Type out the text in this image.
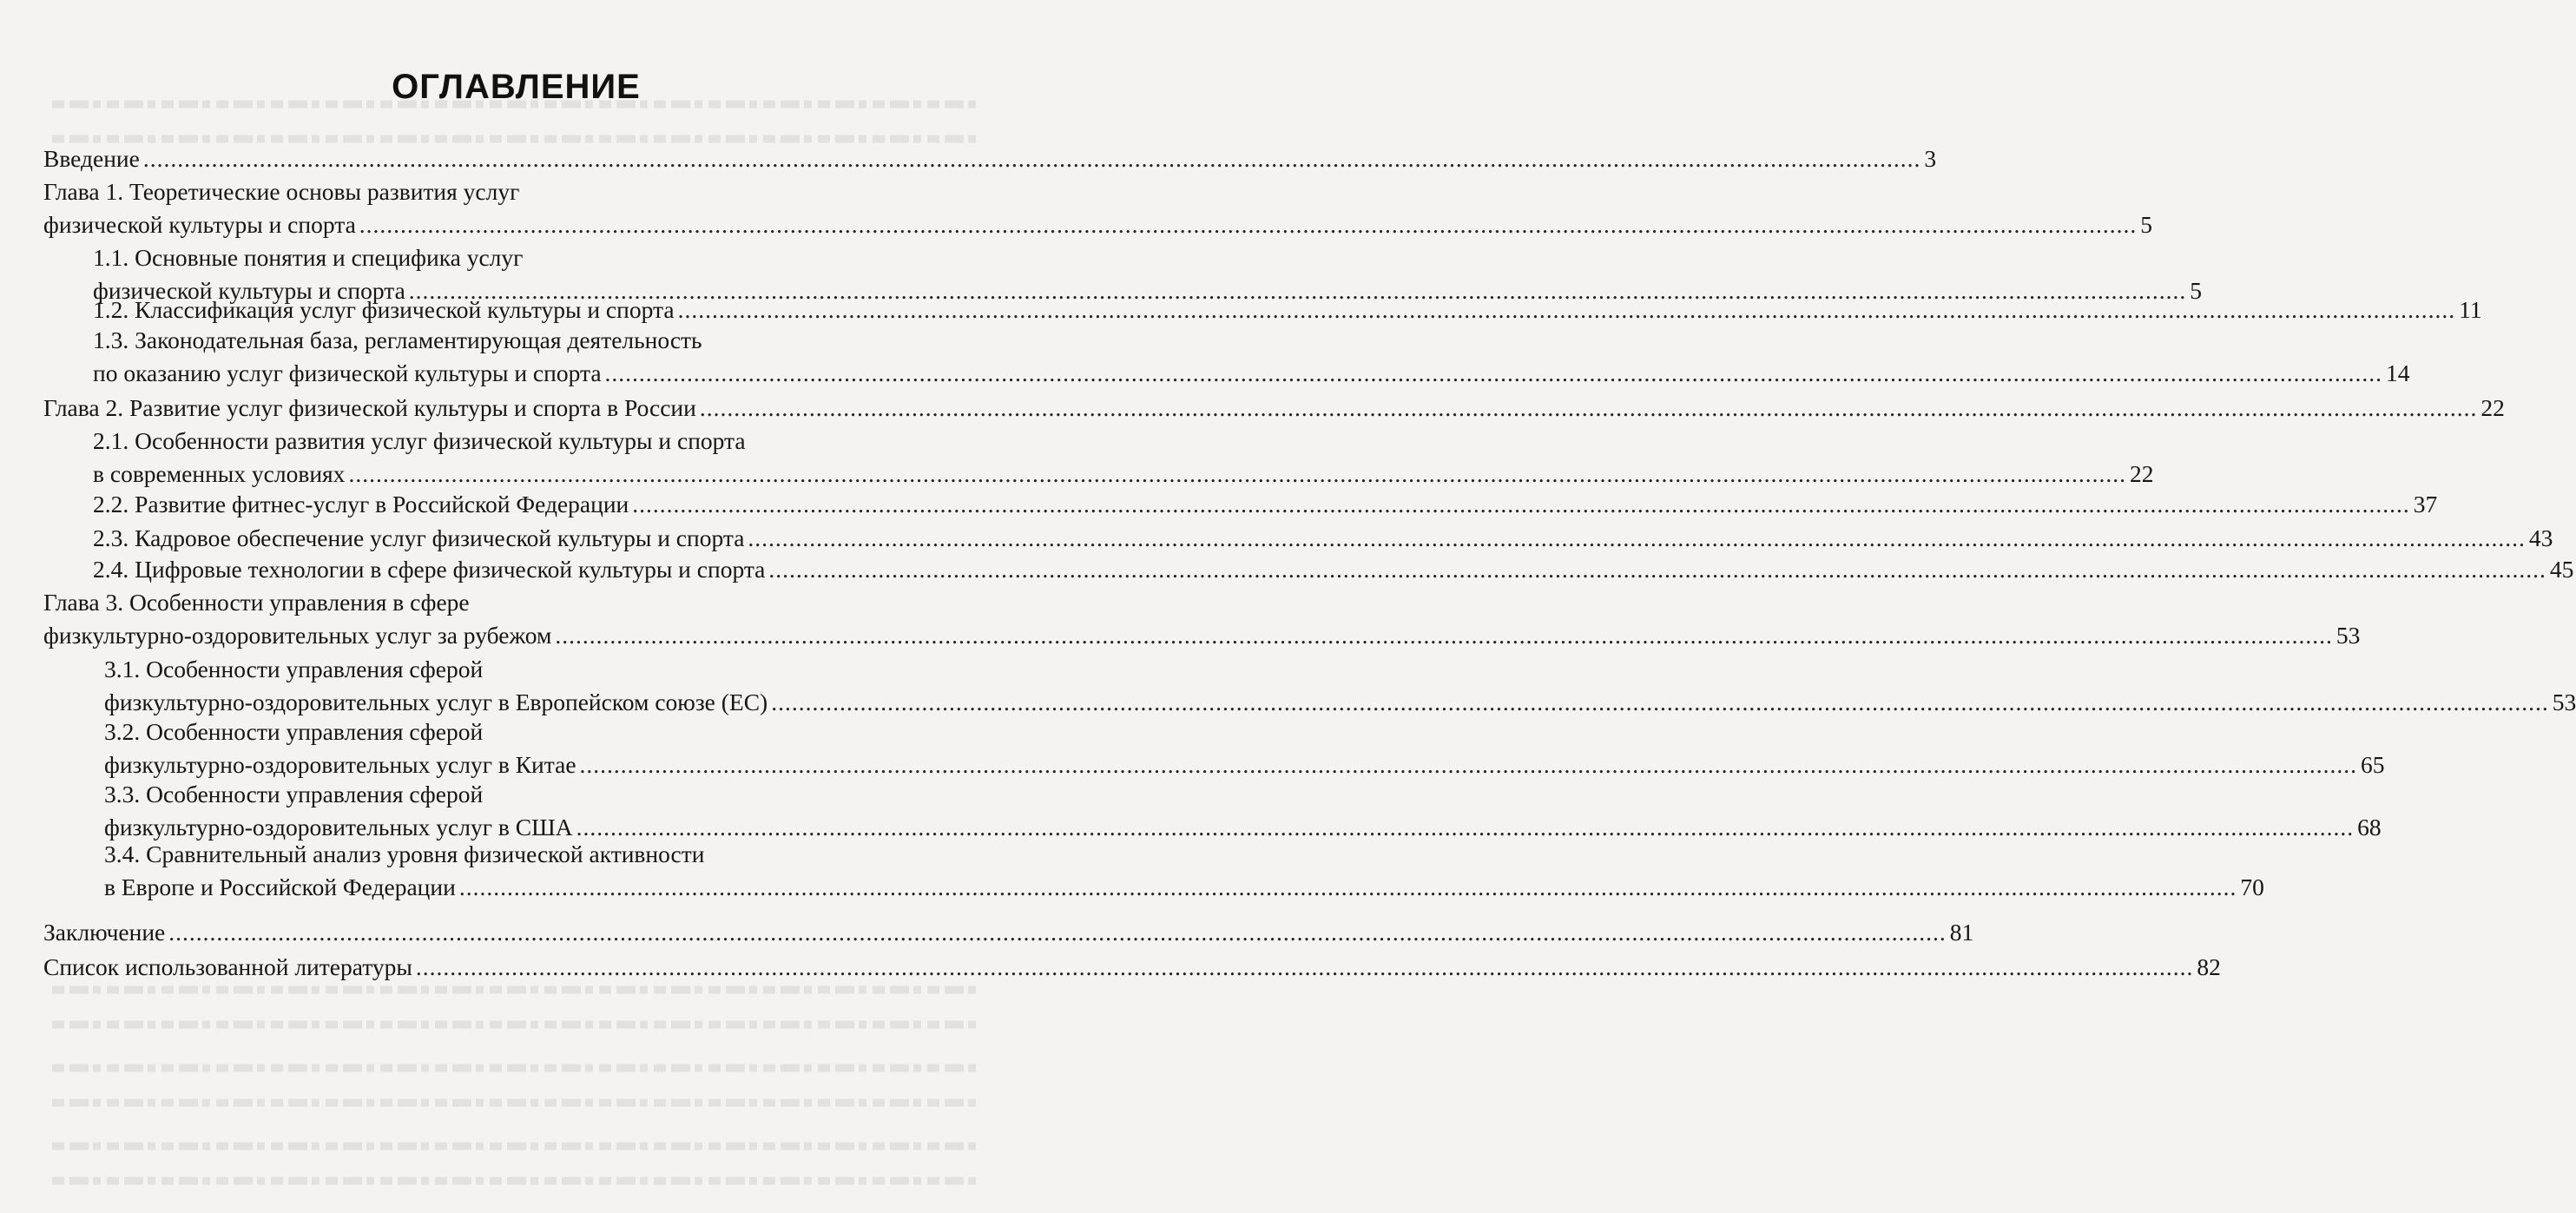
ОГЛАВЛЕНИЕ
Введение .................................................................................................................................................................................................................................................................... 3
Глава 1. Теоретические основы развития услуг
физической культуры и спорта .................................................................................................................................................................................................................................................................... 5
1.1. Основные понятия и специфика услуг
физической культуры и спорта .................................................................................................................................................................................................................................................................... 5
1.2. Классификация услуг физической культуры и спорта .................................................................................................................................................................................................................................................................... 11
1.3. Законодательная база, регламентирующая деятельность
по оказанию услуг физической культуры и спорта .................................................................................................................................................................................................................................................................... 14
Глава 2. Развитие услуг физической культуры и спорта в России .................................................................................................................................................................................................................................................................... 22
2.1. Особенности развития услуг физической культуры и спорта
в современных условиях .................................................................................................................................................................................................................................................................... 22
2.2. Развитие фитнес-услуг в Российской Федерации .................................................................................................................................................................................................................................................................... 37
2.3. Кадровое обеспечение услуг физической культуры и спорта .................................................................................................................................................................................................................................................................... 43
2.4. Цифровые технологии в сфере физической культуры и спорта .................................................................................................................................................................................................................................................................... 45
Глава 3. Особенности управления в сфере
физкультурно-оздоровительных услуг за рубежом .................................................................................................................................................................................................................................................................... 53
3.1. Особенности управления сферой
физкультурно-оздоровительных услуг в Европейском союзе (ЕС) .................................................................................................................................................................................................................................................................... 53
3.2. Особенности управления сферой
физкультурно-оздоровительных услуг в Китае .................................................................................................................................................................................................................................................................... 65
3.3. Особенности управления сферой
физкультурно-оздоровительных услуг в США .................................................................................................................................................................................................................................................................... 68
3.4. Сравнительный анализ уровня физической активности
в Европе и Российской Федерации .................................................................................................................................................................................................................................................................... 70
Заключение .................................................................................................................................................................................................................................................................... 81
Список использованной литературы .................................................................................................................................................................................................................................................................... 82
